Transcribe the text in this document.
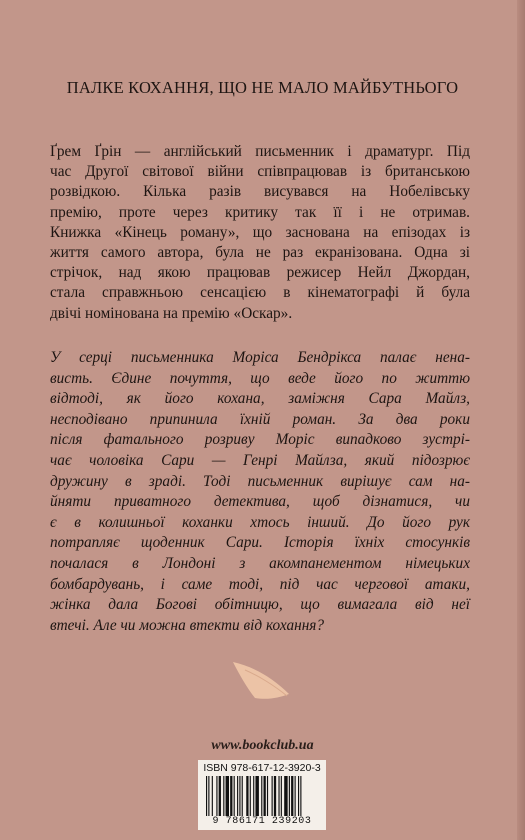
ПАЛКЕ КОХАННЯ, ЩО НЕ МАЛО МАЙБУТНЬОГО

Ґрем Ґрін — англійський письменник і драматург. Під
час Другої світової війни співпрацював із британською
розвідкою. Кілька разів висувався на Нобелівську
премію, проте через критику так її і не отримав.
Книжка «Кінець роману», що заснована на епізодах із
життя самого автора, була не раз екранізована. Одна зі
стрічок, над якою працював режисер Нейл Джордан,
стала справжньою сенсацією в кінематографі й була
двічі номінована на премію «Оскар».

У серці письменника Моріса Бендрікса палає нена-
висть. Єдине почуття, що веде його по життю
відтоді, як його кохана, заміжня Сара Майлз,
несподівано припинила їхній роман. За два роки
після фатального розриву Моріс випадково зустрі-
чає чоловіка Сари — Генрі Майлза, який підозрює
дружину в зраді. Тоді письменник вирішує сам на-
йняти приватного детектива, щоб дізнатися, чи
є в колишньої коханки хтось інший. До його рук
потрапляє щоденник Сари. Історія їхніх стосунків
почалася в Лондоні з акомпанементом німецьких
бомбардувань, і саме тоді, під час чергової атаки,
жінка дала Богові обітницю, що вимагала від неї
втечі. Але чи можна втекти від кохання?

www.bookclub.ua
ISBN 978-617-12-3920-3
9 786171 239203
